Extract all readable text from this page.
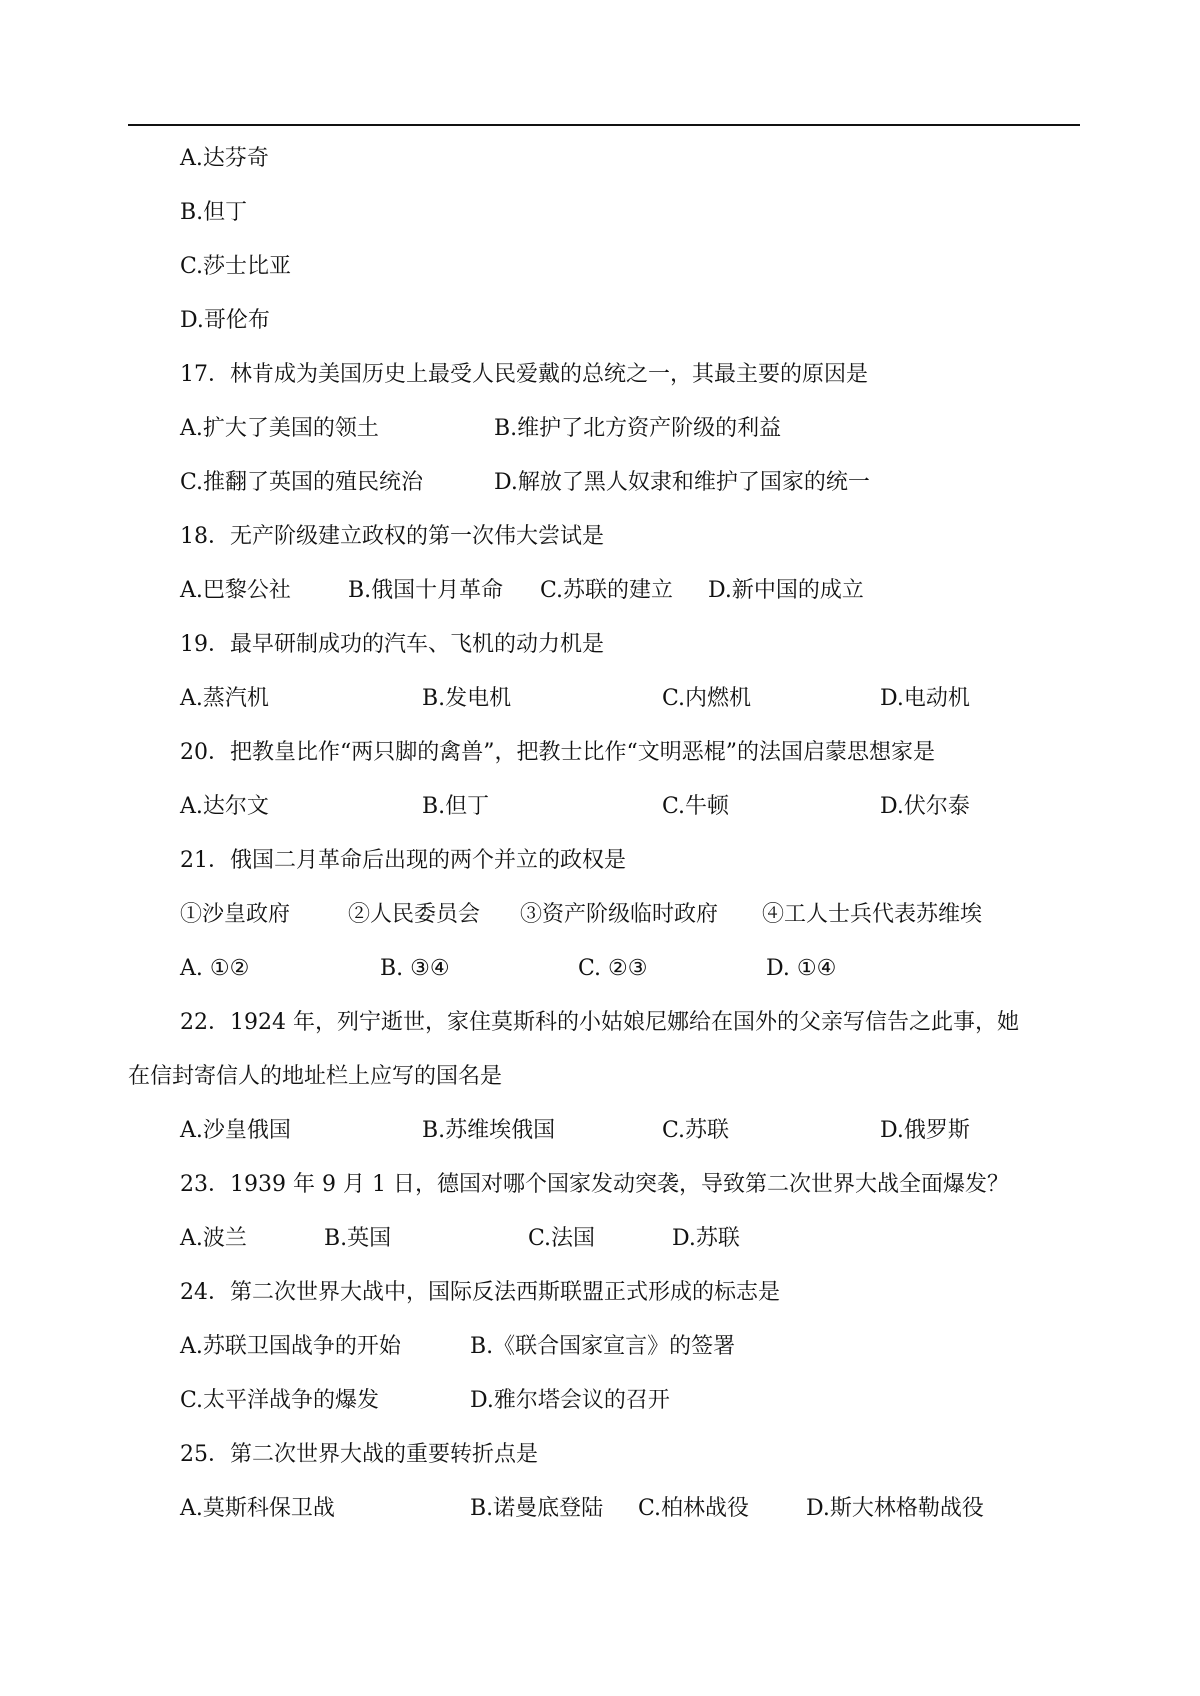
A.达芬奇
B.但丁
C.莎士比亚
D.哥伦布
17．林肯成为美国历史上最受人民爱戴的总统之一，其最主要的原因是
A.扩大了美国的领土	B.维护了北方资产阶级的利益
C.推翻了英国的殖民统治	D.解放了黑人奴隶和维护了国家的统一
18．无产阶级建立政权的第一次伟大尝试是
A.巴黎公社	B.俄国十月革命 C.苏联的建立 D.新中国的成立
19．最早研制成功的汽车、飞机的动力机是
A.蒸汽机	B.发电机	C.内燃机	D.电动机
20．把教皇比作“两只脚的禽兽”，把教士比作“文明恶棍”的法国启蒙思想家是
A.达尔文	B.但丁	C.牛顿	D.伏尔泰
21．俄国二月革命后出现的两个并立的政权是
①沙皇政府	②人民委员会 ③资产阶级临时政府 ④工人士兵代表苏维埃
A. ①②	B. ③④	C. ②③	D. ①④
22．1924 年，列宁逝世，家住莫斯科的小姑娘尼娜给在国外的父亲写信告之此事，她
在信封寄信人的地址栏上应写的国名是
A.沙皇俄国	B.苏维埃俄国	C.苏联	D.俄罗斯
23．1939 年 9 月 1 日，德国对哪个国家发动突袭，导致第二次世界大战全面爆发？
A.波兰	B.英国	C.法国	D.苏联
24．第二次世界大战中，国际反法西斯联盟正式形成的标志是
A.苏联卫国战争的开始	B.《联合国家宣言》的签署
C.太平洋战争的爆发	D.雅尔塔会议的召开
25．第二次世界大战的重要转折点是
A.莫斯科保卫战	B.诺曼底登陆 C.柏林战役	D.斯大林格勒战役
